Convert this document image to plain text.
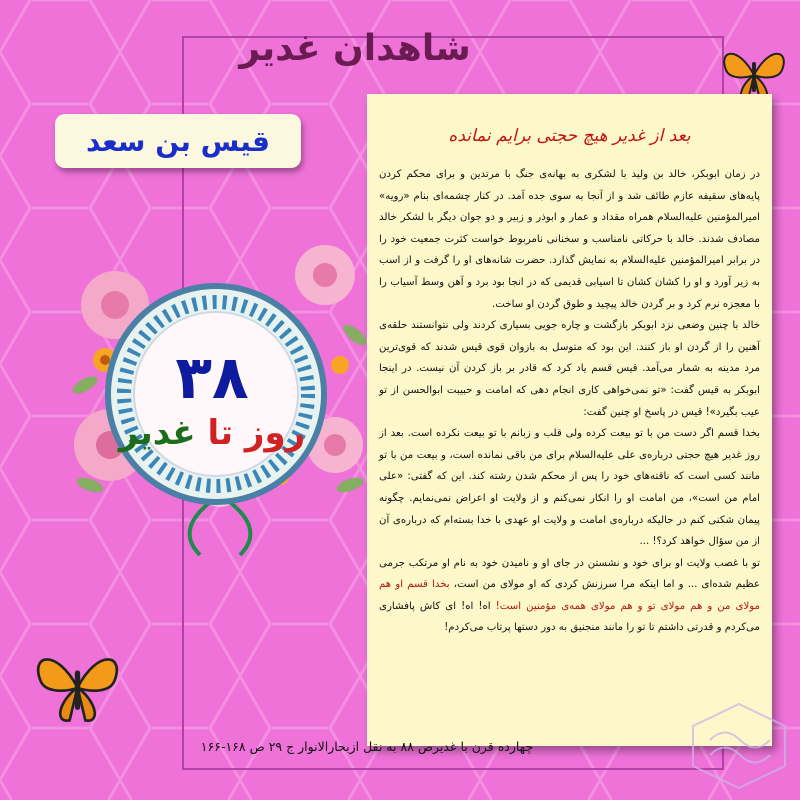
شاهدان غدیر
قیس بن سعد
۳۸
روز تا غدیر
بعد از غدیر هیچ حجتی برایم نمانده

در زمان ابوبکر، خالد بن ولید با لشکری به بهانه‌ی جنگ با مرتدین و برای محکم کردن پایه‌های سقیفه عازم طائف شد و از آنجا به سوی جده آمد. در کنار چشمه‌ای بنام «رویه» امیرالمؤمنین علیه‌السلام همراه مقداد و عمار و ابوذر و زبیر و دو جوان دیگر با لشکر خالد مصادف شدند. خالد با حرکاتی نامناسب و سخنانی نامربوط خواست کثرت جمعیت خود را در برابر امیرالمؤمنین علیه‌السلام به نمایش گذارد. حضرت شانه‌های او را گرفت و از اسب به زیر آورد و او را کشان کشان تا اسیابی قدیمی که در انجا بود برد و آهن وسط آسیاب را با معجزه نرم کرد و بر گردن خالد پیچید و طوق گردن او ساخت.

خالد با چنین وضعی نزد ابوبکر بازگشت و چاره جویی بسیاری کردند ولی نتوانستند حلقه‌ی آهنین را از گردن او باز کنند. این بود که متوسل به بازوان قوی قیس شدند که قوی‌ترین مرد مدینه به شمار می‌آمد. قیس قسم یاد کرد که قادر بر باز کردن آن نیست. در اینجا ابوبکر به قیس گفت: «تو نمی‌خواهی کاری انجام دهی که امامت و حبیبت ابوالحسن از تو عیب بگیرد»! قیس در پاسخ او چنین گفت:

بخدا قسم اگر دست من با تو بیعت کرده ولی قلب و زبانم با تو بیعت نکرده است. بعد از روز غدیر هیچ حجتی درباره‌ی علی علیه‌السلام برای من باقی نمانده است، و بیعت من با تو مانند کسی است که ناقته‌های خود را پس از محکم شدن رشته کند. این که گفتی: «علی امام من است»، من امامت او را انکار نمی‌کنم و از ولایت او اعراض نمی‌نمایم. چگونه پیمان شکنی کنم در حالیکه درباره‌ی امامت و ولایت او عهدی با خدا بسته‌ام که درباره‌ی آن از من سؤال خواهد کرد؟! ...

تو با غصب ولایت او برای خود و نشستن در جای او و نامیدن خود به نام او مرتکب جرمی عظیم شده‌ای ... و اما اینکه مرا سرزنش کردی که او مولای من است، بخدا قسم او هم مولای من و هم مولای تو و هم مولای همه‌ی مؤمنین است! اه! اه! ای کاش پافشاری می‌کردم و قدرتی داشتم تا تو را مانند منجنیق به دور دستها پرتاب می‌کردم!

چهارده قرن با غدیرص ۸۸ به نقل ازبحارالانوار ج ۲۹ ص ۱۶۸-۱۶۶
